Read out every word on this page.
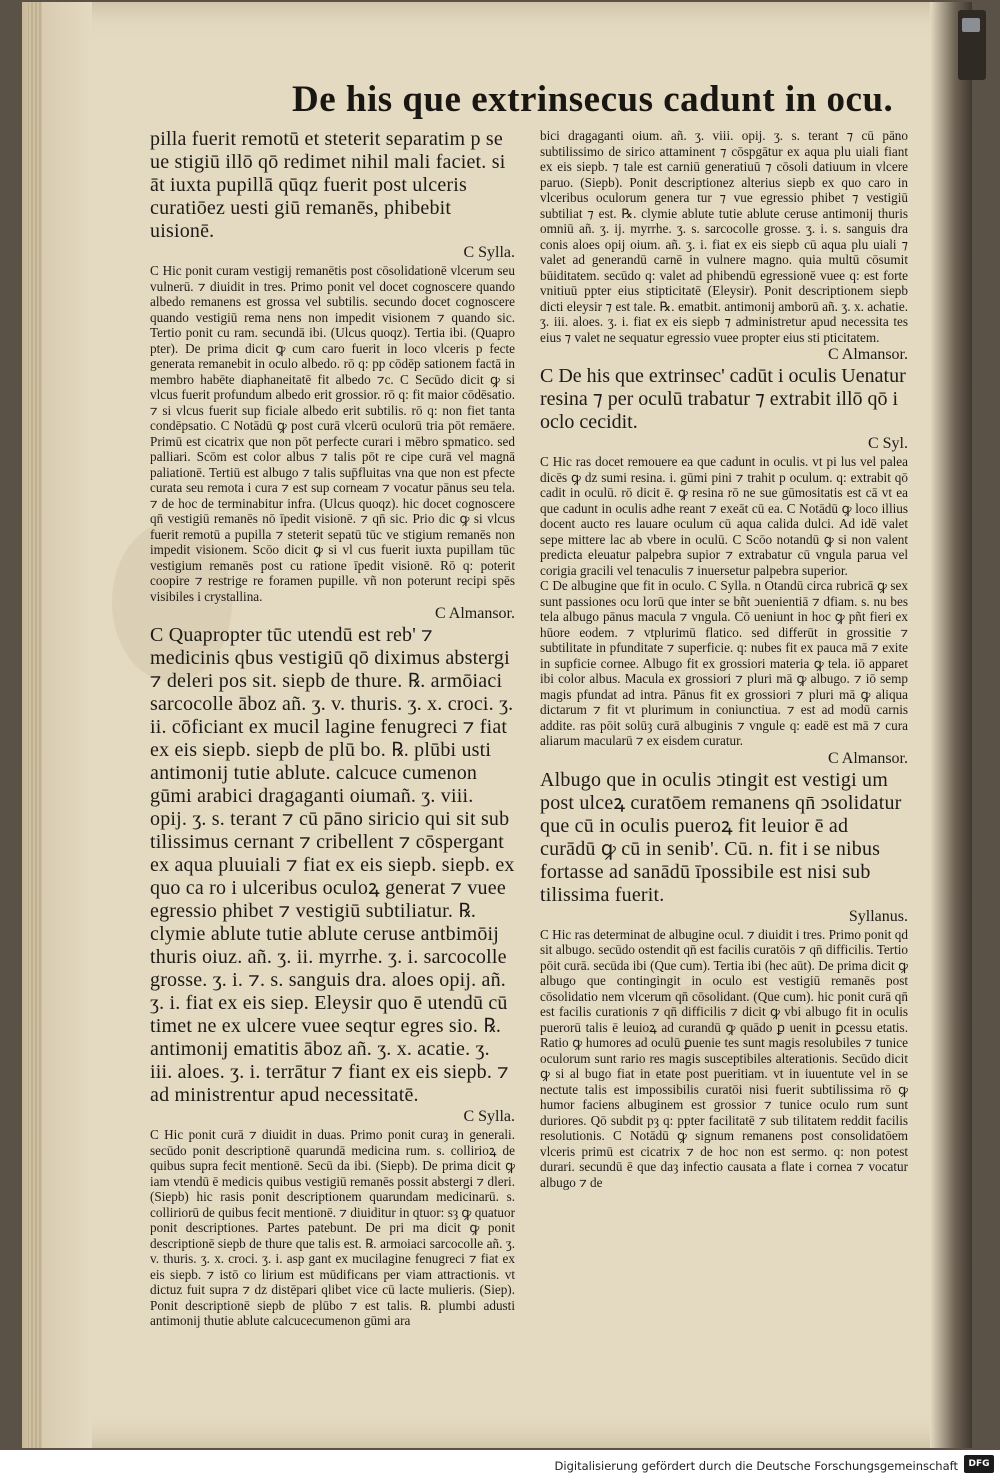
De his que extrinsecus cadunt in ocu.

pilla fuerit remotū et steterit separatim p se ue stigiū illō qō redimet nihil mali faciet. si āt iuxta pupillā qūqz fuerit post ulceris curatiōez uesti giū remanēs, phibebit uisionē.

C Sylla.

C Hic ponit curam vestigij remanētis post cōsolidationē vlcerum seu vulnerū. ⁊ diuidit in tres. Primo ponit vel docet cognoscere quando albedo remanens est grossa vel subtilis. secundo docet cognoscere quando vestigiū rema nens non impedit visionem ⁊ quando sic. Tertio ponit cu ram. secundā ibi. (Ulcus quoqz). Tertia ibi. (Quapro pter). De prima dicit ꝙ cum caro fuerit in loco vlceris p fecte generata remanebit in oculo albedo. rō q: pp cōdēp sationem factā in membro habēte diaphaneitatē fit albedo ⁊c. C Secūdo dicit ꝙ si vlcus fuerit profundum albedo erit grossior. rō q: fit maior cōdēsatio. ⁊ si vlcus fuerit sup ficiale albedo erit subtilis. rō q: non fiet tanta condēpsatio. C Notādū ꝙ post curā vlcerū oculorū tria pōt remāere. Primū est cicatrix que non pōt perfecte curari i mēbro spmatico. sed palliari. Scōm est color albus ⁊ talis pōt re cipe curā vel magnā paliationē. Tertiū est albugo ⁊ talis sup̄fluitas vna que non est pfecte curata seu remota i cura ⁊ est sup corneam ⁊ vocatur pānus seu tela. ⁊ de hoc de terminabitur infra. (Ulcus quoqz). hic docet cognoscere qn̄ vestigiū remanēs nō īpedit visionē. ⁊ qn̄ sic. Prio dic ꝙ si vlcus fuerit remotū a pupilla ⁊ steterit sepatū tūc ve stigium remanēs non impedit visionem. Scōo dicit ꝙ si vl cus fuerit iuxta pupillam tūc vestigium remanēs post cu ratione īpedit visionē. Rō q: poterit coopire ⁊ restrige re foramen pupille. vñ non poterunt recipi spēs visibiles i crystallina.

C Almansor.

C Quapropter tūc utendū est reb' ⁊ medicinis qbus vestigiū qō diximus abstergi ⁊ deleri pos sit. siepb de thure. ℞. armōiaci sarcocolle āboz añ. ʒ. v. thuris. ʒ. x. croci. ʒ. ii. cōficiant ex mucil lagine fenugreci ⁊ fiat ex eis siepb. siepb de plū bo. ℞. plūbi usti antimonij tutie ablute. calcuce cumenon gūmi arabici dragaganti oiumañ. ʒ. viii. opij. ʒ. s. terant ⁊ cū pāno siricio qui sit sub tilissimus cernant ⁊ cribellent ⁊ cōspergant ex aqua pluuiali ⁊ fiat ex eis siepb. siepb. ex quo ca ro i ulceribus oculoꝝ generat ⁊ vuee egressio phibet ⁊ vestigiū subtiliatur. ℞. clymie ablute tutie ablute ceruse antbimōij thuris oiuz. añ. ʒ. ii. myrrhe. ʒ. i. sarcocolle grosse. ʒ. i. ⁊. s. sanguis dra. aloes opij. añ. ʒ. i. fiat ex eis siep. Eleysir quo ē utendū cū timet ne ex ulcere vuee seqtur egres sio. ℞. antimonij ematitis āboz añ. ʒ. x. acatie. ʒ. iii. aloes. ʒ. i. terrātur ⁊ fiant ex eis siepb. ⁊ ad ministrentur apud necessitatē.

C Sylla.

C Hic ponit curā ⁊ diuidit in duas. Primo ponit curaȝ in generali. secūdo ponit descriptionē quarundā medicina rum. s. collirioꝝ de quibus supra fecit mentionē. Secū da ibi. (Siepb). De prima dicit ꝙ iam vtendū ē medicis quibus vestigiū remanēs possit abstergi ⁊ dleri. (Siepb) hic rasis ponit descriptionem quarundam medicinarū. s. colliriorū de quibus fecit mentionē. ⁊ diuiditur in qtuor: sȝ ꝙ quatuor ponit descriptiones. Partes patebunt. De pri ma dicit ꝙ ponit descriptionē siepb de thure que talis est. ℞. armoiaci sarcocolle añ. ʒ. v. thuris. ʒ. x. croci. ʒ. i. asp gant ex mucilagine fenugreci ⁊ fiat ex eis siepb. ⁊ istō co lirium est mūdificans per viam attractionis. vt dictuz fuit supra ⁊ dz distēpari qlibet vice cū lacte mulieris. (Siep). Ponit descriptionē siepb de plūbo ⁊ est talis. ℞. plumbi adusti antimonij thutie ablute calcucecumenon gūmi ara

bici dragaganti oium. añ. ʒ. viii. opij. ʒ. s. terant ⁊ cū pāno subtilissimo de sirico attaminent ⁊ cōspgātur ex aqua plu uiali fiant ex eis siepb. ⁊ tale est carniū generatiuū ⁊ cōsoli datiuum in vlcere paruo. (Siepb). Ponit descriptionez alterius siepb ex quo caro in vlceribus oculorum genera tur ⁊ vue egressio phibet ⁊ vestigiū subtiliat ⁊ est. ℞. clymie ablute tutie ablute ceruse antimonij thuris omniū añ. ʒ. ij. myrrhe. ʒ. s. sarcocolle grosse. ʒ. i. s. sanguis dra conis aloes opij oium. añ. ʒ. i. fiat ex eis siepb cū aqua plu uiali ⁊ valet ad generandū carnē in vulnere magno. quia multū cōsumit būiditatem. secūdo q: valet ad phibendū egressionē vuee q: est forte vnitiuū ppter eius stipticitatē (Eleysir). Ponit descriptionem siepb dicti eleysir ⁊ est tale. ℞. ematbit. antimonij amborū añ. ʒ. x. achatie. ʒ. iii. aloes. ʒ. i. fiat ex eis siepb ⁊ administretur apud necessita tes eius ⁊ valet ne sequatur egressio vuee propter eius sti pticitatem.

C Almansor.

C De his que extrinsec' cadūt i oculis Uenatur resina ⁊ per oculū trabatur ⁊ extrabit illō qō i oclo cecidit.

C Syl.

C Hic ras docet remouere ea que cadunt in oculis. vt pi lus vel palea dicēs ꝙ dz sumi resina. i. gūmi pini ⁊ trahit p oculum. q: extrabit qō cadit in oculū. rō dicit ē. ꝙ resina rō ne sue gūmositatis est cā vt ea que cadunt in oculis adhe reant ⁊ exeāt cū ea. C Notādū ꝙ loco illius docent aucto res lauare oculum cū aqua calida dulci. Ad idē valet sepe mittere lac ab vbere in oculū. C Scōo notandū ꝙ si non valent predicta eleuatur palpebra supior ⁊ extrabatur cū vngula parua vel corigia gracili vel tenaculis ⁊ inuersetur palpebra superior.

C De albugine que fit in oculo. C Sylla. n Otandū circa rubricā ꝙ sex sunt passiones ocu lorū que inter se bñt ↄuenientiā ⁊ dfiam. s. nu bes tela albugo pānus macula ⁊ vngula. Cō ueniunt in hoc ꝙ pñt fieri ex hūore eodem. ⁊ vtplurimū flatico. sed differūt in grossitie ⁊ subtilitate in pfunditate ⁊ superficie. q: nubes fit ex pauca mā ⁊ exite in supficie cornee. Albugo fit ex grossiori materia ꝙ tela. iō apparet ibi color albus. Macula ex grossiori ⁊ pluri mā ꝙ albugo. ⁊ iō semp magis pfundat ad intra. Pānus fit ex grossiori ⁊ pluri mā ꝙ aliqua dictarum ⁊ fit vt plurimum in coniunctiua. ⁊ est ad modū carnis addite. ras pōit solūȝ curā albuginis ⁊ vngule q: eadē est mā ⁊ cura aliarum macularū ⁊ ex eisdem curatur.

C Almansor.

Albugo que in oculis ↄtingit est vestigi um post ulceꝝ curatōem remanens qn̄ ↄsolidatur que cū in oculis pueroꝝ fit leuior ē ad curādū ꝙ cū in senib'. Cū. n. fit i se nibus fortasse ad sanādū īpossibile est nisi sub tilissima fuerit.

Syllanus.

C Hic ras determinat de albugine ocul. ⁊ diuidit i tres. Primo ponit qd sit albugo. secūdo ostendit qn̄ est facilis curatōis ⁊ qn̄ difficilis. Tertio pōit curā. secūda ibi (Que cum). Tertia ibi (hec aūt). De prima dicit ꝙ albugo que contingingit in oculo est vestigiū remanēs post cōsolidatio nem vlcerum qn̄ cōsolidant. (Que cum). hic ponit curā qn̄ est facilis curationis ⁊ qn̄ difficilis ⁊ dicit ꝙ vbi albugo fit in oculis puerorū talis ē leuioꝝ ad curandū ꝙ quādo ꝑ uenit in ꝑcessu etatis. Ratio ꝙ humores ad oculū ꝑuenie tes sunt magis resolubiles ⁊ tunice oculorum sunt rario res magis susceptibiles alterationis. Secūdo dicit ꝙ si al bugo fiat in etate post pueritiam. vt in iuuentute vel in se nectute talis est impossibilis curatōi nisi fuerit subtilissima rō ꝙ humor faciens albuginem est grossior ⁊ tunice oculo rum sunt duriores. Qō subdit pȝ q: ppter facilitatē ⁊ sub tilitatem reddit facilis resolutionis. C Notādū ꝙ signum remanens post consolidatōem vlceris primū est cicatrix ⁊ de hoc non est sermo. q: non potest durari. secundū ē que daȝ infectio causata a flate i cornea ⁊ vocatur albugo ⁊ de

Digitalisierung gefördert durch die Deutsche Forschungsgemeinschaft	DFG
